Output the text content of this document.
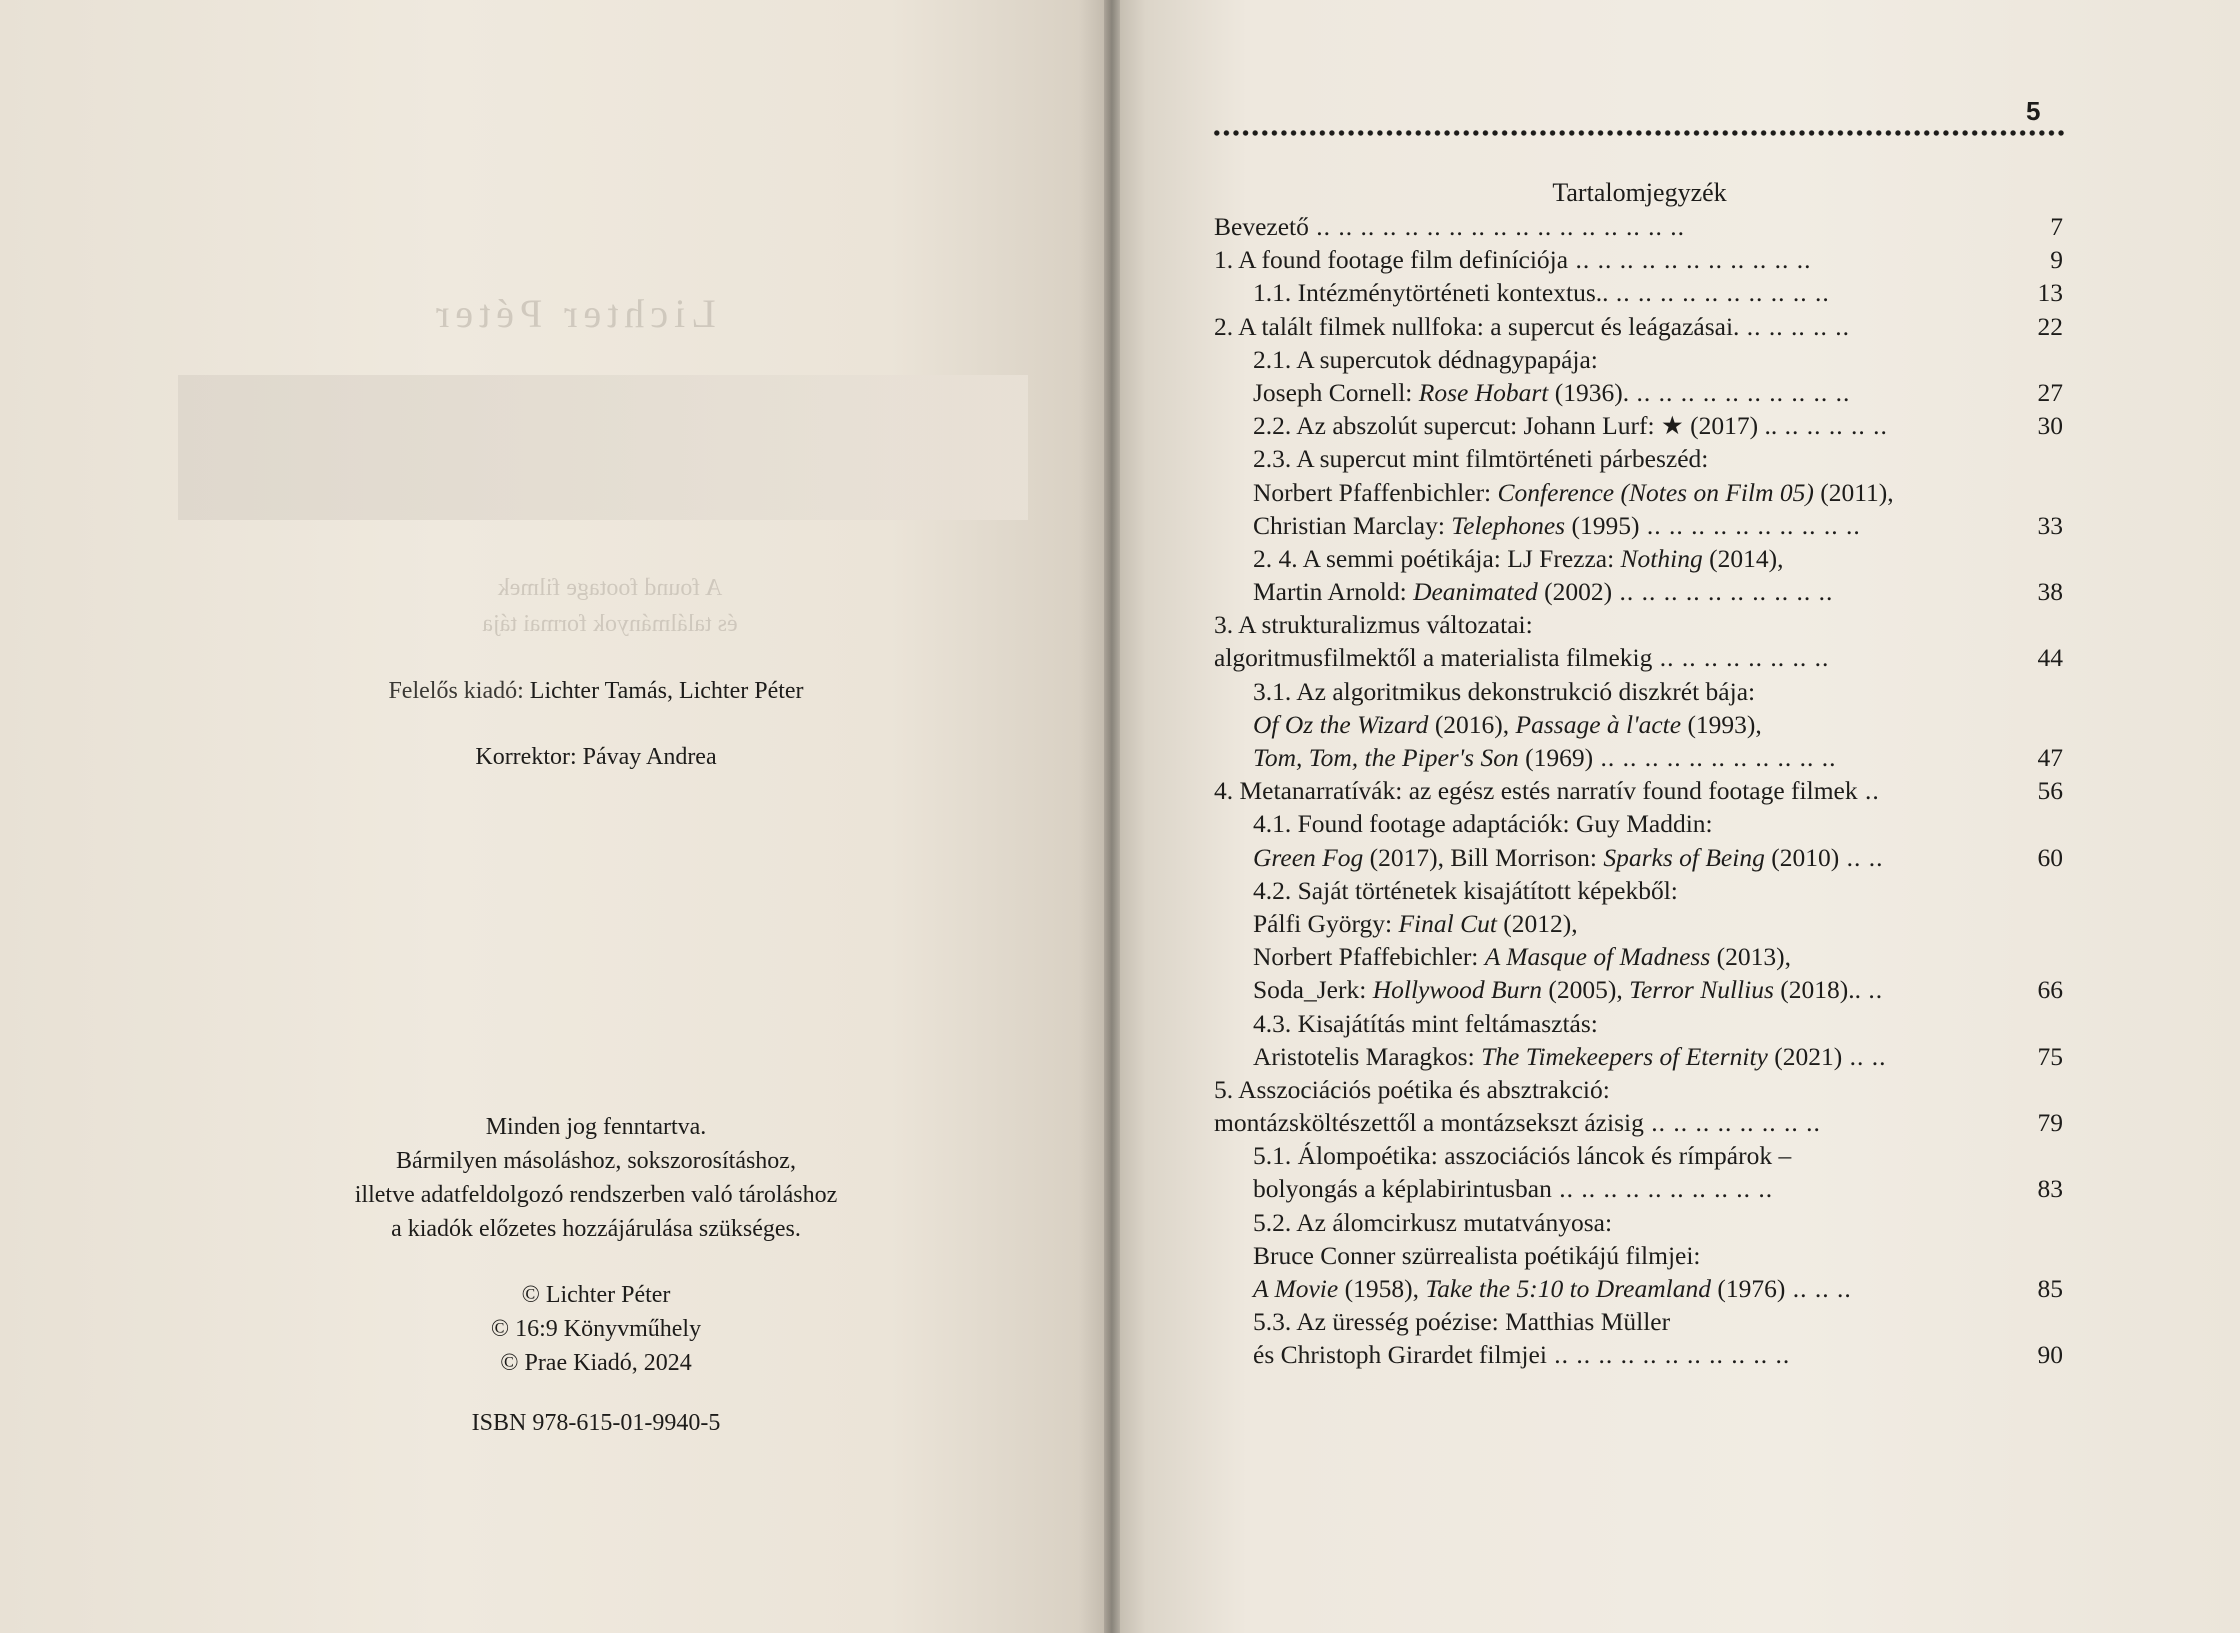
Lichter Péter
A found footage filmek
és találmányok formai tája
Felelős kiadó: Lichter Tamás, Lichter Péter
Korrektor: Pávay Andrea
Minden jog fenntartva.
Bármilyen másoláshoz, sokszorosításhoz,
illetve adatfeldolgozó rendszerben való tároláshoz
a kiadók előzetes hozzájárulása szükséges.
© Lichter Péter
© 16:9 Könyvműhely
© Prae Kiadó, 2024
ISBN 978-615-01-9940-5
5
Tartalomjegyzék
Bevezető .. .. .. .. .. .. .. .. .. .. .. .. .. .. .. .. ..	7
1. A found footage film definíciója .. .. .. .. .. .. .. .. .. .. ..	9
1.1. Intézménytörténeti kontextus.. .. .. .. .. .. .. .. .. .. ..	13
2. A talált filmek nullfoka: a supercut és leágazásai. .. .. .. .. ..	22
2.1. A supercutok dédnagypapája:
Joseph Cornell: Rose Hobart (1936). .. .. .. .. .. .. .. .. .. ..	27
2.2. Az abszolút supercut: Johann Lurf: ★ (2017) .. .. .. .. .. ..	30
2.3. A supercut mint filmtörténeti párbeszéd:
Norbert Pfaffenbichler: Conference (Notes on Film 05) (2011),
Christian Marclay: Telephones (1995) .. .. .. .. .. .. .. .. .. ..	33
2. 4. A semmi poétikája: LJ Frezza: Nothing (2014),
Martin Arnold: Deanimated (2002) .. .. .. .. .. .. .. .. .. ..	38
3. A strukturalizmus változatai:
algoritmusfilmektől a materialista filmekig .. .. .. .. .. .. .. ..	44
3.1. Az algoritmikus dekonstrukció diszkrét bája:
Of Oz the Wizard (2016), Passage à l'acte (1993),
Tom, Tom, the Piper's Son (1969) .. .. .. .. .. .. .. .. .. .. ..	47
4. Metanarratívák: az egész estés narratív found footage filmek ..	56
4.1. Found footage adaptációk: Guy Maddin:
Green Fog (2017), Bill Morrison: Sparks of Being (2010) .. ..	60
4.2. Saját történetek kisajátított képekből:
Pálfi György: Final Cut (2012),
Norbert Pfaffebichler: A Masque of Madness (2013),
Soda_Jerk: Hollywood Burn (2005), Terror Nullius (2018).. ..	66
4.3. Kisajátítás mint feltámasztás:
Aristotelis Maragkos: The Timekeepers of Eternity (2021) .. ..	75
5. Asszociációs poétika és absztrakció:
montázsköltészettől a montázsekszt ázisig .. .. .. .. .. .. .. ..	79
5.1. Álompoétika: asszociációs láncok és rímpárok –
bolyongás a képlabirintusban .. .. .. .. .. .. .. .. .. ..	83
5.2. Az álomcirkusz mutatványosa:
Bruce Conner szürrealista poétikájú filmjei:
A Movie (1958), Take the 5:10 to Dreamland (1976) .. .. ..	85
5.3. Az üresség poézise: Matthias Müller
és Christoph Girardet filmjei .. .. .. .. .. .. .. .. .. .. ..	90
